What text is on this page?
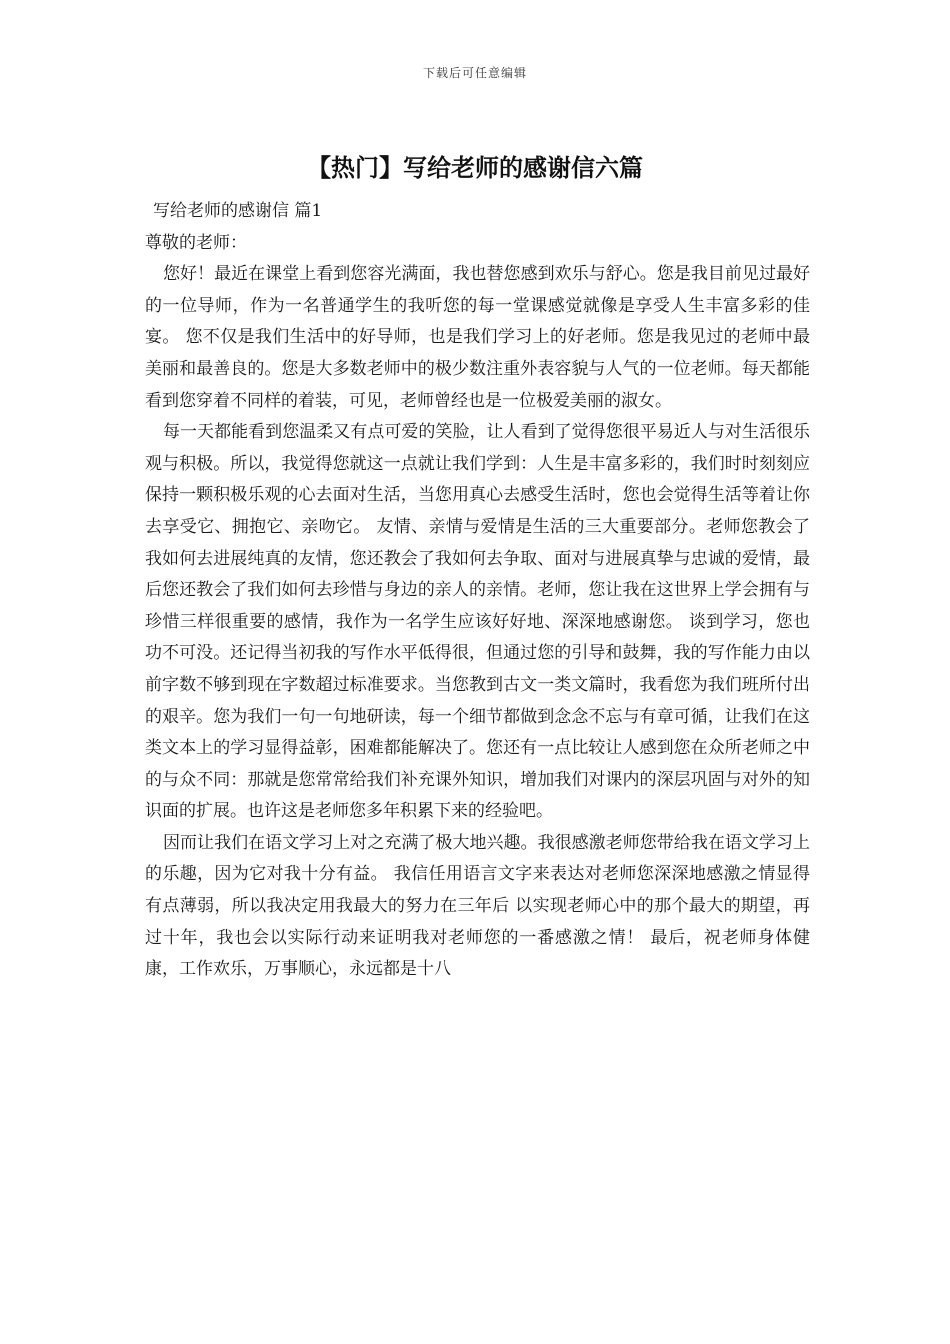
下载后可任意编辑
【热门】写给老师的感谢信六篇

写给老师的感谢信 篇1

尊敬的老师：

您好！最近在课堂上看到您容光满面，我也替您感到欢乐与舒心。您是我目前见过最好的一位导师，作为一名普通学生的我听您的每一堂课感觉就像是享受人生丰富多彩的佳宴。 您不仅是我们生活中的好导师，也是我们学习上的好老师。您是我见过的老师中最美丽和最善良的。您是大多数老师中的极少数注重外表容貌与人气的一位老师。每天都能看到您穿着不同样的着装，可见，老师曾经也是一位极爱美丽的淑女。

每一天都能看到您温柔又有点可爱的笑脸，让人看到了觉得您很平易近人与对生活很乐观与积极。所以，我觉得您就这一点就让我们学到：人生是丰富多彩的，我们时时刻刻应保持一颗积极乐观的心去面对生活，当您用真心去感受生活时，您也会觉得生活等着让你去享受它、拥抱它、亲吻它。 友情、亲情与爱情是生活的三大重要部分。老师您教会了我如何去进展纯真的友情，您还教会了我如何去争取、面对与进展真挚与忠诚的爱情，最后您还教会了我们如何去珍惜与身边的亲人的亲情。老师，您让我在这世界上学会拥有与珍惜三样很重要的感情，我作为一名学生应该好好地、深深地感谢您。 谈到学习，您也功不可没。还记得当初我的写作水平低得很，但通过您的引导和鼓舞，我的写作能力由以前字数不够到现在字数超过标准要求。当您教到古文一类文篇时，我看您为我们班所付出的艰辛。您为我们一句一句地研读，每一个细节都做到念念不忘与有章可循，让我们在这类文本上的学习显得益彰，困难都能解决了。您还有一点比较让人感到您在众所老师之中的与众不同：那就是您常常给我们补充课外知识，增加我们对课内的深层巩固与对外的知识面的扩展。也许这是老师您多年积累下来的经验吧。

因而让我们在语文学习上对之充满了极大地兴趣。我很感激老师您带给我在语文学习上的乐趣，因为它对我十分有益。 我信任用语言文字来表达对老师您深深地感激之情显得有点薄弱，所以我决定用我最大的努力在三年后 以实现老师心中的那个最大的期望，再过十年，我也会以实际行动来证明我对老师您的一番感激之情！ 最后，祝老师身体健康，工作欢乐，万事顺心，永远都是十八
